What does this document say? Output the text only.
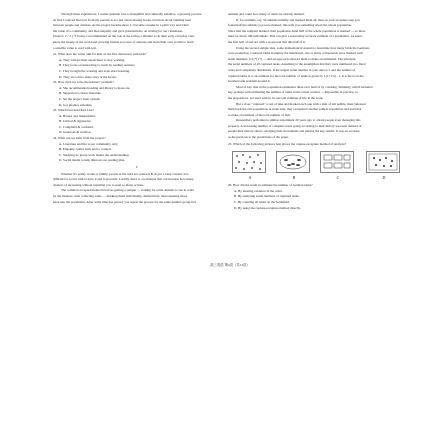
Through these experiences, I realize genuine love is thoughtful and culturally sensitive, a growing process.
At first I noticed that love from my parents is not just about sharing books, but more about building trust
between people and cultures. As the project became more I, I became a leader in a plain way and when
the value of a community, and then empathy and gave presentations, an writing for our classmates.
(Source: 2 / 3 ) "I Today, I recommended on the role of the loving a mixture so in their early everyday view
know the beauty of the world and growing friends as power of cultures and learn their own worlds to learn
a sensible value to read with text.
21. What does the writer aim for kids on the first discussion with kids?
A. They will get their needs meet to stay working.
B. They focus on interacting to reach by reading sessions.
C. They brought the working and even since learning.
D. They are told to share story at the books.
22. How did Lisa solve the learners' problem?
A. She recommended reading and library to those are.
B. Supported a classic literature.
C. Set the project basic system.
D. Got phonics schedule.
23. Which best describes Lisa?
A. Honest and independent.
B. Critical & aggressive.
C. Compliant & confused.
D. Generous & creative.
24. What can we infer from the project?
A. Literature and life is our community only.
B. Empathy comes back and to connect.
C. Studying no group work makes the understanding.
D. Social media to help improve our reading plan.
C
Whether it's painty works or family, people in the wild are ordered (B, R,) in a busy context. It is
difficult for social with to have it and it proceeds. Luckily, there is a technique that can increase how many
chances of increasing without requiring you to send so many actions.
The common accepted method involves getting a sample — waiting for some animals to see in order
by the instance, then collecting some — marking them individually, distinctively. then releasing those
back into the population. After some time has passed, you repeat the process for the same number group in it
animals and count how many of them are already marked.
If, for example, say, 50 animals initially and marked them all, then on your recapture step you
found half the animals you were marked, this tells you something about the whole population.
Since half the sampled marked, then population hand half of the whole population is marked — so there
must be about 100 individuals. This can give a reasonably accurate estimate of a population, we know
the first half of and are with a re-percent that this half of it.
Using the second sample data, some mathematical around to determine how many birds the Germans
were producing. Captured tanks in mainly the mentioned, one or many components were marked with
serial numbers. (1) (*(1+) — and an approach allowed them to make an estimated. The principle.
the serial numbers of all captured tanks, Assuming to the assumption that they were numbered in a fixed
order and completely distributed. If the largest serial number in your data is L and the number of
captured tanks is n, an estimate for the total number of tanks is given by L(1+1/n) - 1. It is the is on the
German tank problem around it.
Most of key data in the population estimation there ever built of by counting. Similarly, which included
key perhaps with estimating the number of tanks in the actual context — impossible in practice, so
the proportions, not used will for its use and estimate of life in the work.
But a close "captured" a rest of lake and marked each one with a ship of tail pebble, then (released
them back into the population. A week later, they recaptured another sample population and used that
to make an estimate of the total number of fish.
Researchers performed a similar experiment 20 years ago to obtain people even managing this
property. A increasing number of computer users going according to their history was kept marked of
people their history shows, studying their movements and putting the key results. It was an accurate
as the previous to the predictions of the paper.
25. Which of the following pictures best shows the capture-recapture method of analysis?
A	B	C	D
26. How did the result in estimate the number of German tanks?
A. By meeting evidence in the order.
B. By analysing serial numbers of captured tanks.
C. By counting all tanks on the battlefield.
D. By using the capture-recapture method directly.
高三英语 第4页（共12页）
